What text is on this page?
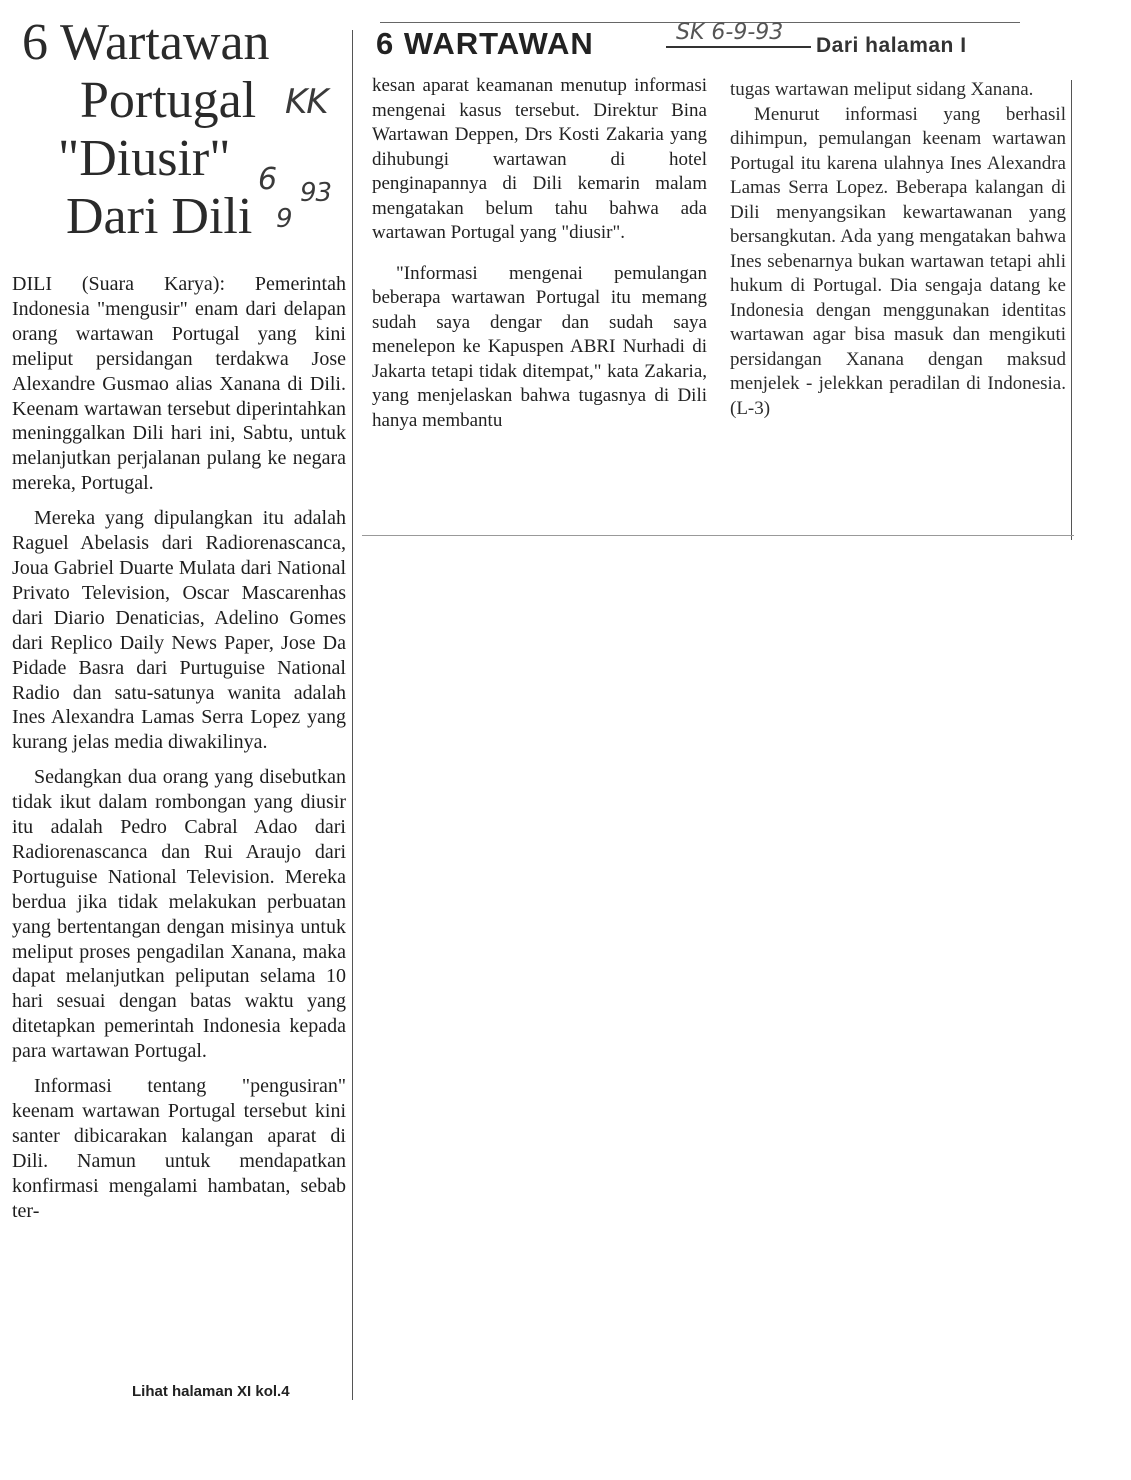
6 Wartawan
Portugal
"Diusir"
Dari Dili
KK
6 93
9

DILI (Suara Karya): Pemerintah Indonesia "mengusir" enam dari delapan orang wartawan Portugal yang kini meliput persidangan terdakwa Jose Alexandre Gusmao alias Xanana di Dili. Keenam wartawan tersebut diperintahkan meninggalkan Dili hari ini, Sabtu, untuk melanjutkan perjalanan pulang ke negara mereka, Portugal.

Mereka yang dipulangkan itu adalah Raguel Abelasis dari Radiorenascanca, Joua Gabriel Duarte Mulata dari National Privato Television, Oscar Mascarenhas dari Diario Denaticias, Adelino Gomes dari Replico Daily News Paper, Jose Da Pidade Basra dari Purtuguise National Radio dan satu-satunya wanita adalah Ines Alexandra Lamas Serra Lopez yang kurang jelas media diwakilinya.

Sedangkan dua orang yang disebutkan tidak ikut dalam rombongan yang diusir itu adalah Pedro Cabral Adao dari Radiorenascanca dan Rui Araujo dari Portuguise National Television. Mereka berdua jika tidak melakukan perbuatan yang bertentangan dengan misinya untuk meliput proses pengadilan Xanana, maka dapat melanjutkan peliputan selama 10 hari sesuai dengan batas waktu yang ditetapkan pemerintah Indonesia kepada para wartawan Portugal.

Informasi tentang "pengusiran" keenam wartawan Portugal tersebut kini santer dibicarakan kalangan aparat di Dili. Namun untuk mendapatkan konfirmasi mengalami hambatan, sebab ter-

Lihat halaman XI kol.4
6 WARTAWAN	SK 6-9-93
Dari halaman I

kesan aparat keamanan menutup informasi mengenai kasus tersebut. Direktur Bina Wartawan Deppen, Drs Kosti Zakaria yang dihubungi wartawan di hotel penginapannya di Dili kemarin malam mengatakan belum tahu bahwa ada wartawan Portugal yang "diusir".

"Informasi mengenai pemulangan beberapa wartawan Portugal itu memang sudah saya dengar dan sudah saya menelepon ke Kapuspen ABRI Nurhadi di Jakarta tetapi tidak ditempat," kata Zakaria, yang menjelaskan bahwa tugasnya di Dili hanya membantu

tugas wartawan meliput sidang Xanana.

Menurut informasi yang berhasil dihimpun, pemulangan keenam wartawan Portugal itu karena ulahnya Ines Alexandra Lamas Serra Lopez. Beberapa kalangan di Dili menyangsikan kewartawanan yang bersangkutan. Ada yang mengatakan bahwa Ines sebenarnya bukan wartawan tetapi ahli hukum di Portugal. Dia sengaja datang ke Indonesia dengan menggunakan identitas wartawan agar bisa masuk dan mengikuti persidangan Xanana dengan maksud menjelek - jelekkan peradilan di Indonesia. (L-3)
